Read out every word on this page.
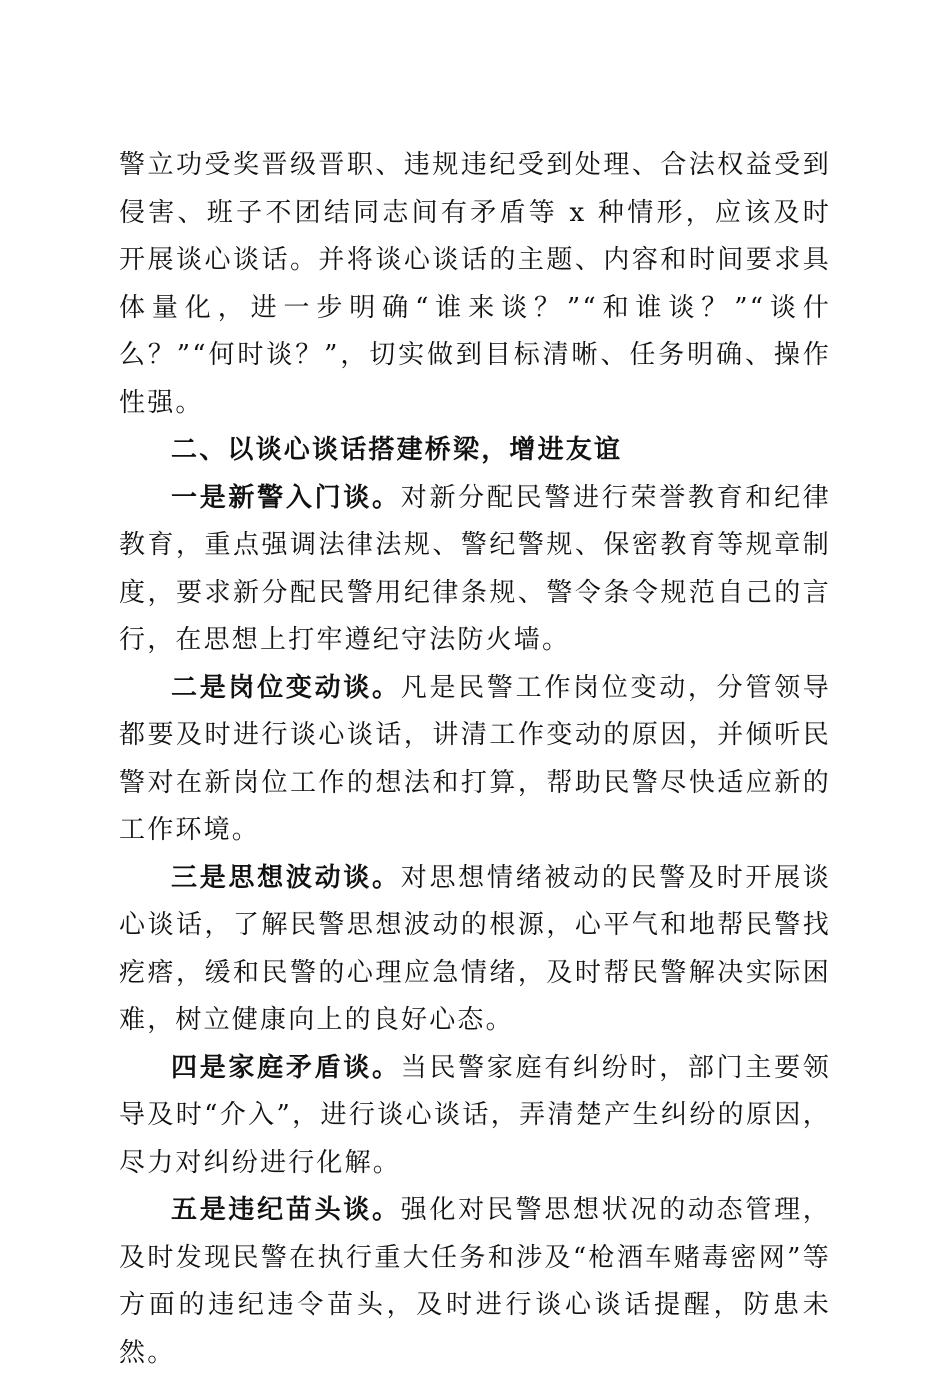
警立功受奖晋级晋职、违规违纪受到处理、合法权益受到侵害、班子不团结同志间有矛盾等 x 种情形，应该及时开展谈心谈话。并将谈心谈话的主题、内容和时间要求具体量化，进一步明确“谁来谈？”“和谁谈？”“谈什么？”“何时谈？”，切实做到目标清晰、任务明确、操作性强。

二、以谈心谈话搭建桥梁，增进友谊

一是新警入门谈。对新分配民警进行荣誉教育和纪律教育，重点强调法律法规、警纪警规、保密教育等规章制度，要求新分配民警用纪律条规、警令条令规范自己的言行，在思想上打牢遵纪守法防火墙。

二是岗位变动谈。凡是民警工作岗位变动，分管领导都要及时进行谈心谈话，讲清工作变动的原因，并倾听民警对在新岗位工作的想法和打算，帮助民警尽快适应新的工作环境。

三是思想波动谈。对思想情绪被动的民警及时开展谈心谈话，了解民警思想波动的根源，心平气和地帮民警找疙瘩，缓和民警的心理应急情绪，及时帮民警解决实际困难，树立健康向上的良好心态。

四是家庭矛盾谈。当民警家庭有纠纷时，部门主要领导及时“介入”，进行谈心谈话，弄清楚产生纠纷的原因，尽力对纠纷进行化解。

五是违纪苗头谈。强化对民警思想状况的动态管理，及时发现民警在执行重大任务和涉及“枪酒车赌毒密网”等方面的违纪违令苗头，及时进行谈心谈话提醒，防患未然。
